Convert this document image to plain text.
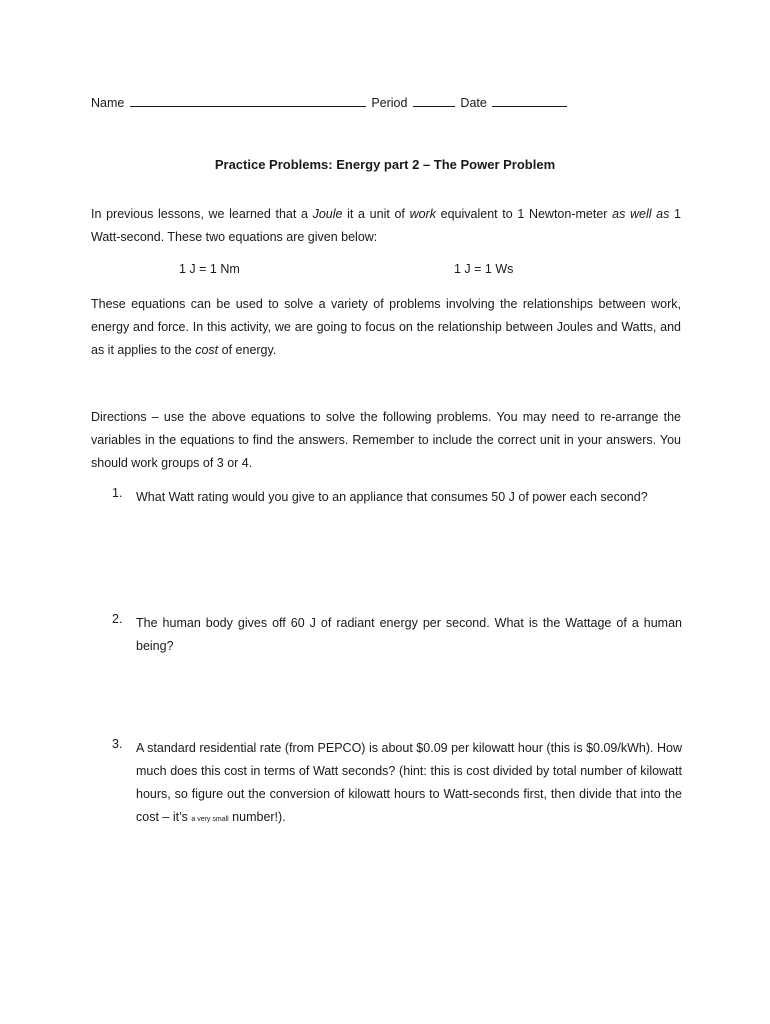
Name	Period	Date
Practice Problems: Energy part 2 – The Power Problem
In previous lessons, we learned that a Joule it a unit of work equivalent to 1 Newton-meter as well as 1 Watt-second. These two equations are given below:
1 J = 1 Nm	1 J = 1 Ws
These equations can be used to solve a variety of problems involving the relationships between work, energy and force. In this activity, we are going to focus on the relationship between Joules and Watts, and as it applies to the cost of energy.
Directions – use the above equations to solve the following problems. You may need to re-arrange the variables in the equations to find the answers. Remember to include the correct unit in your answers. You should work groups of 3 or 4.
1. What Watt rating would you give to an appliance that consumes 50 J of power each second?
2. The human body gives off 60 J of radiant energy per second. What is the Wattage of a human being?
3. A standard residential rate (from PEPCO) is about $0.09 per kilowatt hour (this is $0.09/kWh). How much does this cost in terms of Watt seconds? (hint: this is cost divided by total number of kilowatt hours, so figure out the conversion of kilowatt hours to Watt-seconds first, then divide that into the cost – it’s a very small number!).
